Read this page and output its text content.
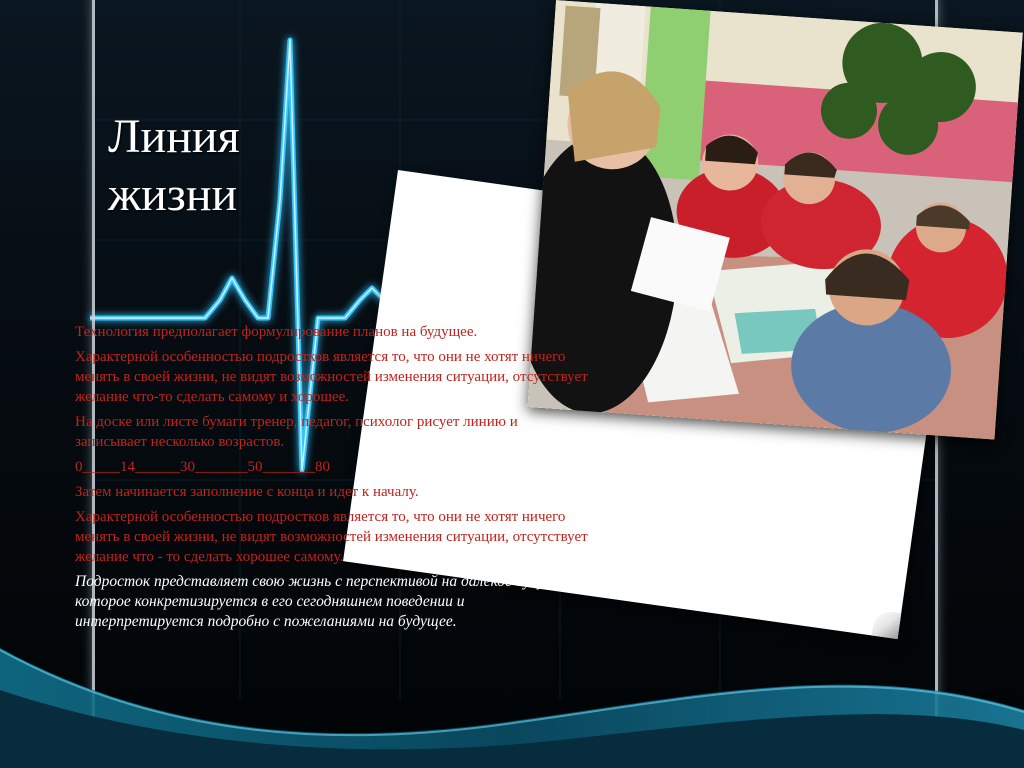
Линия
жизни

Технология предполагает формулирование планов на будущее.

Характерной особенностью подростков является то, что они не хотят ничего менять в своей жизни, не видят возможностей изменения ситуации, отсутствует желание что-то сделать самому и хорошее.

На доске или листе бумаги тренер, педагог, психолог рисует линию и записывает несколько возрастов.

0_____14______30_______50_______80

Затем начинается заполнение с конца и идет к началу.

Характерной особенностью подростков является то, что они не хотят ничего менять в своей жизни, не видят возможностей изменения ситуации, отсутствует желание что - то сделать хорошее самому.

Подросток представляет свою жизнь с перспективой на далекое будущее, которое конкретизируется в его сегодняшнем поведении и интерпретируется подробно с пожеланиями на будущее.
